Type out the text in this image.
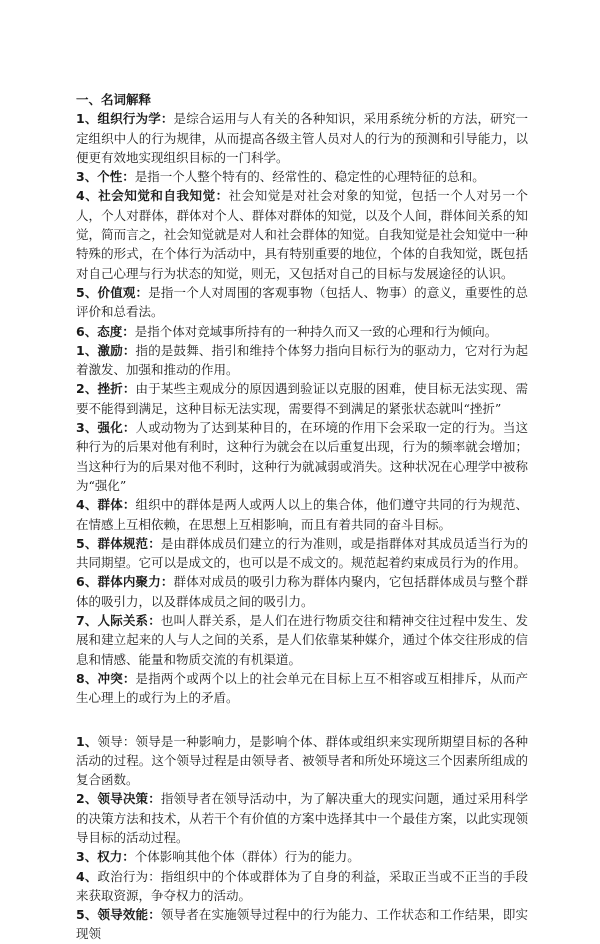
一、名词解释

1、组织行为学：是综合运用与人有关的各种知识，采用系统分析的方法，研究一定组织中人的行为规律，从而提高各级主管人员对人的行为的预测和引导能力，以便更有效地实现组织目标的一门科学。

3、个性：是指一个人整个特有的、经常性的、稳定性的心理特征的总和。

4、社会知觉和自我知觉：社会知觉是对社会对象的知觉，包括一个人对另一个人，个人对群体，群体对个人、群体对群体的知觉，以及个人间，群体间关系的知觉，简而言之，社会知觉就是对人和社会群体的知觉。自我知觉是社会知觉中一种特殊的形式，在个体行为活动中，具有特别重要的地位，个体的自我知觉，既包括对自己心理与行为状态的知觉，则无，又包括对自己的目标与发展途径的认识。

5、价值观：是指一个人对周围的客观事物（包括人、物事）的意义，重要性的总评价和总看法。

6、态度：是指个体对竞域事所持有的一种持久而又一致的心理和行为倾向。

1、激励：指的是鼓舞、指引和维持个体努力指向目标行为的驱动力，它对行为起着激发、加强和推动的作用。

2、挫折：由于某些主观成分的原因遇到验证以克服的困难，使目标无法实现、需要不能得到满足，这种目标无法实现，需要得不到满足的紧张状态就叫“挫折”

3、强化：人或动物为了达到某种目的，在环境的作用下会采取一定的行为。当这种行为的后果对他有利时，这种行为就会在以后重复出现，行为的频率就会增加；当这种行为的后果对他不利时，这种行为就减弱或消失。这种状况在心理学中被称为“强化”

4、群体：组织中的群体是两人或两人以上的集合体，他们遵守共同的行为规范、在情感上互相依赖，在思想上互相影响，而且有着共同的奋斗目标。

5、群体规范：是由群体成员们建立的行为准则，或是指群体对其成员适当行为的共同期望。它可以是成文的，也可以是不成文的。规范起着约束成员行为的作用。

6、群体内聚力：群体对成员的吸引力称为群体内聚内，它包括群体成员与整个群体的吸引力，以及群体成员之间的吸引力。

7、人际关系：也叫人群关系，是人们在进行物质交往和精神交往过程中发生、发展和建立起来的人与人之间的关系，是人们依靠某种媒介，通过个体交往形成的信息和情感、能量和物质交流的有机渠道。

8、冲突：是指两个或两个以上的社会单元在目标上互不相容或互相排斥，从而产生心理上的或行为上的矛盾。

1、领导：领导是一种影响力，是影响个体、群体或组织来实现所期望目标的各种活动的过程。这个领导过程是由领导者、被领导者和所处环境这三个因素所组成的复合函数。

2、领导决策：指领导者在领导活动中，为了解决重大的现实问题，通过采用科学的决策方法和技术，从若干个有价值的方案中选择其中一个最佳方案，以此实现领导目标的活动过程。

3、权力：个体影响其他个体（群体）行为的能力。

4、政治行为：指组织中的个体或群体为了自身的利益，采取正当或不正当的手段来获取资源，争夺权力的活动。

5、领导效能：领导者在实施领导过程中的行为能力、工作状态和工作结果，即实现领
